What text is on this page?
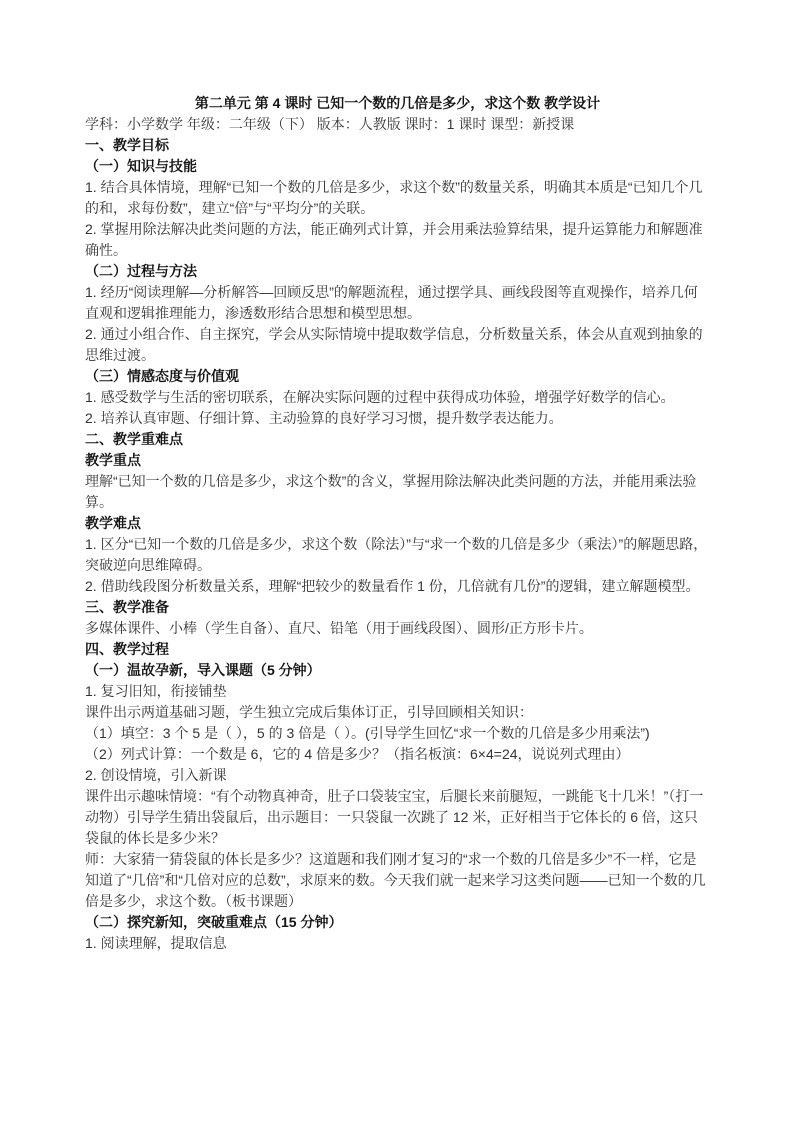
第二单元 第 4 课时 已知一个数的几倍是多少，求这个数 教学设计

学科：小学数学 年级：二年级（下） 版本：人教版 课时：1 课时 课型：新授课

一、教学目标

（一）知识与技能

1. 结合具体情境，理解“已知一个数的几倍是多少，求这个数”的数量关系，明确其本质是“已知几个几的和，求每份数”，建立“倍”与“平均分”的关联。

2. 掌握用除法解决此类问题的方法，能正确列式计算，并会用乘法验算结果，提升运算能力和解题准确性。

（二）过程与方法

1. 经历“阅读理解—分析解答—回顾反思”的解题流程，通过摆学具、画线段图等直观操作，培养几何直观和逻辑推理能力，渗透数形结合思想和模型思想。

2. 通过小组合作、自主探究，学会从实际情境中提取数学信息，分析数量关系，体会从直观到抽象的思维过渡。

（三）情感态度与价值观

1. 感受数学与生活的密切联系，在解决实际问题的过程中获得成功体验，增强学好数学的信心。

2. 培养认真审题、仔细计算、主动验算的良好学习习惯，提升数学表达能力。

二、教学重难点

教学重点

理解“已知一个数的几倍是多少，求这个数”的含义，掌握用除法解决此类问题的方法，并能用乘法验算。

教学难点

1. 区分“已知一个数的几倍是多少，求这个数（除法）”与“求一个数的几倍是多少（乘法）”的解题思路，突破逆向思维障碍。

2. 借助线段图分析数量关系，理解“把较少的数量看作 1 份，几倍就有几份”的逻辑，建立解题模型。

三、教学准备

多媒体课件、小棒（学生自备）、直尺、铅笔（用于画线段图）、圆形/正方形卡片。

四、教学过程

（一）温故孕新，导入课题（5 分钟）

1. 复习旧知，衔接铺垫

课件出示两道基础习题，学生独立完成后集体订正，引导回顾相关知识：

（1）填空：3 个 5 是（ ），5 的 3 倍是（ ）。(引导学生回忆“求一个数的几倍是多少用乘法”)

（2）列式计算：一个数是 6，它的 4 倍是多少？（指名板演：6×4=24，说说列式理由）

2. 创设情境，引入新课

课件出示趣味情境：“有个动物真神奇，肚子口袋装宝宝，后腿长来前腿短，一跳能飞十几米！”（打一动物）引导学生猜出袋鼠后，出示题目：一只袋鼠一次跳了 12 米，正好相当于它体长的 6 倍，这只袋鼠的体长是多少米？

师：大家猜一猜袋鼠的体长是多少？这道题和我们刚才复习的“求一个数的几倍是多少”不一样，它是知道了“几倍”和“几倍对应的总数”，求原来的数。今天我们就一起来学习这类问题——已知一个数的几倍是多少，求这个数。（板书课题）

（二）探究新知，突破重难点（15 分钟）

1. 阅读理解，提取信息
